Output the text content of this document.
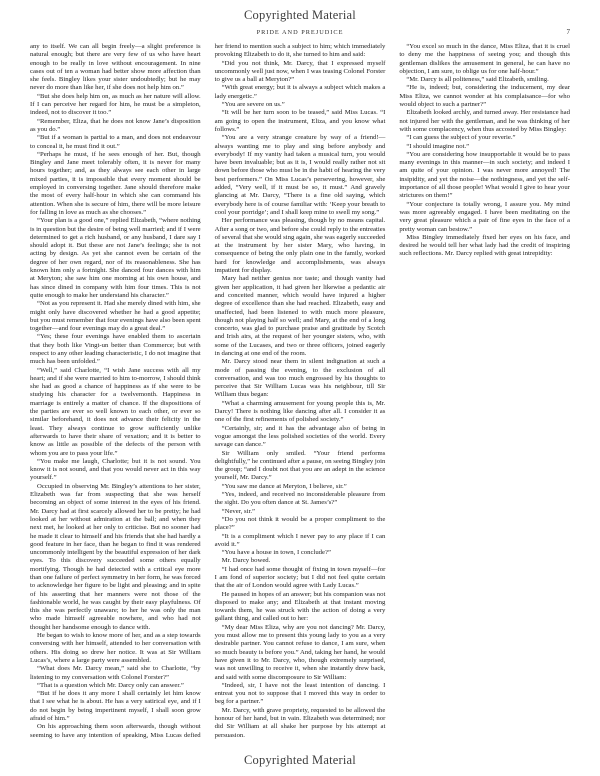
Copyrighted Material
PRIDE AND PREJUDICE	7

any to itself. We can all begin freely—a slight preference is natural enough; but there are very few of us who have heart enough to be really in love without encouragement. In nine cases out of ten a woman had better show more affection than she feels. Bingley likes your sister undoubtedly; but he may never do more than like her, if she does not help him on.”

“But she does help him on, as much as her nature will allow. If I can perceive her regard for him, he must be a simpleton, indeed, not to discover it too.”

“Remember, Eliza, that he does not know Jane’s disposition as you do.”

“But if a woman is partial to a man, and does not endeavour to conceal it, he must find it out.”

“Perhaps he must, if he sees enough of her. But, though Bingley and Jane meet tolerably often, it is never for many hours together; and, as they always see each other in large mixed parties, it is impossible that every moment should be employed in conversing together. Jane should therefore make the most of every half-hour in which she can command his attention. When she is secure of him, there will be more leisure for falling in love as much as she chooses.”

“Your plan is a good one,” replied Elizabeth, “where nothing is in question but the desire of being well married; and if I were determined to get a rich husband, or any husband, I dare say I should adopt it. But these are not Jane’s feelings; she is not acting by design. As yet she cannot even be certain of the degree of her own regard, nor of its reasonableness. She has known him only a fortnight. She danced four dances with him at Meryton; she saw him one morning at his own house, and has since dined in company with him four times. This is not quite enough to make her understand his character.”

“Not as you represent it. Had she merely dined with him, she might only have discovered whether he had a good appetite; but you must remember that four evenings have also been spent together—and four evenings may do a great deal.”

“Yes; these four evenings have enabled them to ascertain that they both like Vingt-un better than Commerce; but with respect to any other leading characteristic, I do not imagine that much has been unfolded.”

“Well,” said Charlotte, “I wish Jane success with all my heart; and if she were married to him to-morrow, I should think she had as good a chance of happiness as if she were to be studying his character for a twelvemonth. Happiness in marriage is entirely a matter of chance. If the dispositions of the parties are ever so well known to each other, or ever so similar beforehand, it does not advance their felicity in the least. They always continue to grow sufficiently unlike afterwards to have their share of vexation; and it is better to know as little as possible of the defects of the person with whom you are to pass your life.”

“You make me laugh, Charlotte; but it is not sound. You know it is not sound, and that you would never act in this way yourself.”

Occupied in observing Mr. Bingley’s attentions to her sister, Elizabeth was far from suspecting that she was herself becoming an object of some interest in the eyes of his friend. Mr. Darcy had at first scarcely allowed her to be pretty; he had looked at her without admiration at the ball; and when they next met, he looked at her only to criticise. But no sooner had he made it clear to himself and his friends that she had hardly a good feature in her face, than he began to find it was rendered uncommonly intelligent by the beautiful expression of her dark eyes. To this discovery succeeded some others equally mortifying. Though he had detected with a critical eye more than one failure of perfect symmetry in her form, he was forced to acknowledge her figure to be light and pleasing; and in spite of his asserting that her manners were not those of the fashionable world, he was caught by their easy playfulness. Of this she was perfectly unaware; to her he was only the man who made himself agreeable nowhere, and who had not thought her handsome enough to dance with.

He began to wish to know more of her, and as a step towards conversing with her himself, attended to her conversation with others. His doing so drew her notice. It was at Sir William Lucas’s, where a large party were assembled.

“What does Mr. Darcy mean,” said she to Charlotte, “by listening to my conversation with Colonel Forster?”

“That is a question which Mr. Darcy only can answer.”

“But if he does it any more I shall certainly let him know that I see what he is about. He has a very satirical eye, and if I do not begin by being impertinent myself, I shall soon grow afraid of him.”

On his approaching them soon afterwards, though without seeming to have any intention of speaking, Miss Lucas defied her friend to mention such a subject to him; which immediately provoking Elizabeth to do it, she turned to him and said:

“Did you not think, Mr. Darcy, that I expressed myself uncommonly well just now, when I was teasing Colonel Forster to give us a ball at Meryton?”

“With great energy; but it is always a subject which makes a lady energetic.”

“You are severe on us.”

“It will be her turn soon to be teased,” said Miss Lucas. “I am going to open the instrument, Eliza, and you know what follows.”

“You are a very strange creature by way of a friend!—always wanting me to play and sing before anybody and everybody! If my vanity had taken a musical turn, you would have been invaluable; but as it is, I would really rather not sit down before those who must be in the habit of hearing the very best performers.” On Miss Lucas’s persevering, however, she added, “Very well, if it must be so, it must.” And gravely glancing at Mr. Darcy, “There is a fine old saying, which everybody here is of course familiar with: ‘Keep your breath to cool your porridge’; and I shall keep mine to swell my song.”

Her performance was pleasing, though by no means capital. After a song or two, and before she could reply to the entreaties of several that she would sing again, she was eagerly succeeded at the instrument by her sister Mary, who having, in consequence of being the only plain one in the family, worked hard for knowledge and accomplishments, was always impatient for display.

Mary had neither genius nor taste; and though vanity had given her application, it had given her likewise a pedantic air and conceited manner, which would have injured a higher degree of excellence than she had reached. Elizabeth, easy and unaffected, had been listened to with much more pleasure, though not playing half so well; and Mary, at the end of a long concerto, was glad to purchase praise and gratitude by Scotch and Irish airs, at the request of her younger sisters, who, with some of the Lucases, and two or three officers, joined eagerly in dancing at one end of the room.

Mr. Darcy stood near them in silent indignation at such a mode of passing the evening, to the exclusion of all conversation, and was too much engrossed by his thoughts to perceive that Sir William Lucas was his neighbour, till Sir William thus began:

“What a charming amusement for young people this is, Mr. Darcy! There is nothing like dancing after all. I consider it as one of the first refinements of polished society.”

“Certainly, sir; and it has the advantage also of being in vogue amongst the less polished societies of the world. Every savage can dance.”

Sir William only smiled. “Your friend performs delightfully,” he continued after a pause, on seeing Bingley join the group; “and I doubt not that you are an adept in the science yourself, Mr. Darcy.”

“You saw me dance at Meryton, I believe, sir.”

“Yes, indeed, and received no inconsiderable pleasure from the sight. Do you often dance at St. James’s?”

“Never, sir.”

“Do you not think it would be a proper compliment to the place?”

“It is a compliment which I never pay to any place if I can avoid it.”

“You have a house in town, I conclude?”

Mr. Darcy bowed.

“I had once had some thought of fixing in town myself—for I am fond of superior society; but I did not feel quite certain that the air of London would agree with Lady Lucas.”

He paused in hopes of an answer; but his companion was not disposed to make any; and Elizabeth at that instant moving towards them, he was struck with the action of doing a very gallant thing, and called out to her:

“My dear Miss Eliza, why are you not dancing? Mr. Darcy, you must allow me to present this young lady to you as a very desirable partner. You cannot refuse to dance, I am sure, when so much beauty is before you.” And, taking her hand, he would have given it to Mr. Darcy, who, though extremely surprised, was not unwilling to receive it, when she instantly drew back, and said with some discomposure to Sir William:

“Indeed, sir, I have not the least intention of dancing. I entreat you not to suppose that I moved this way in order to beg for a partner.”

Mr. Darcy, with grave propriety, requested to be allowed the honour of her hand, but in vain. Elizabeth was determined; nor did Sir William at all shake her purpose by his attempt at persuasion.

“You excel so much in the dance, Miss Eliza, that it is cruel to deny me the happiness of seeing you; and though this gentleman dislikes the amusement in general, he can have no objection, I am sure, to oblige us for one half-hour.”

“Mr. Darcy is all politeness,” said Elizabeth, smiling.

“He is, indeed; but, considering the inducement, my dear Miss Eliza, we cannot wonder at his complaisance—for who would object to such a partner?”

Elizabeth looked archly, and turned away. Her resistance had not injured her with the gentleman, and he was thinking of her with some complacency, when thus accosted by Miss Bingley:

“I can guess the subject of your reverie.”

“I should imagine not.”

“You are considering how insupportable it would be to pass many evenings in this manner—in such society; and indeed I am quite of your opinion. I was never more annoyed! The insipidity, and yet the noise—the nothingness, and yet the self-importance of all those people! What would I give to hear your strictures on them!”

“Your conjecture is totally wrong, I assure you. My mind was more agreeably engaged. I have been meditating on the very great pleasure which a pair of fine eyes in the face of a pretty woman can bestow.”

Miss Bingley immediately fixed her eyes on his face, and desired he would tell her what lady had the credit of inspiring such reflections. Mr. Darcy replied with great intrepidity:

Copyrighted Material
